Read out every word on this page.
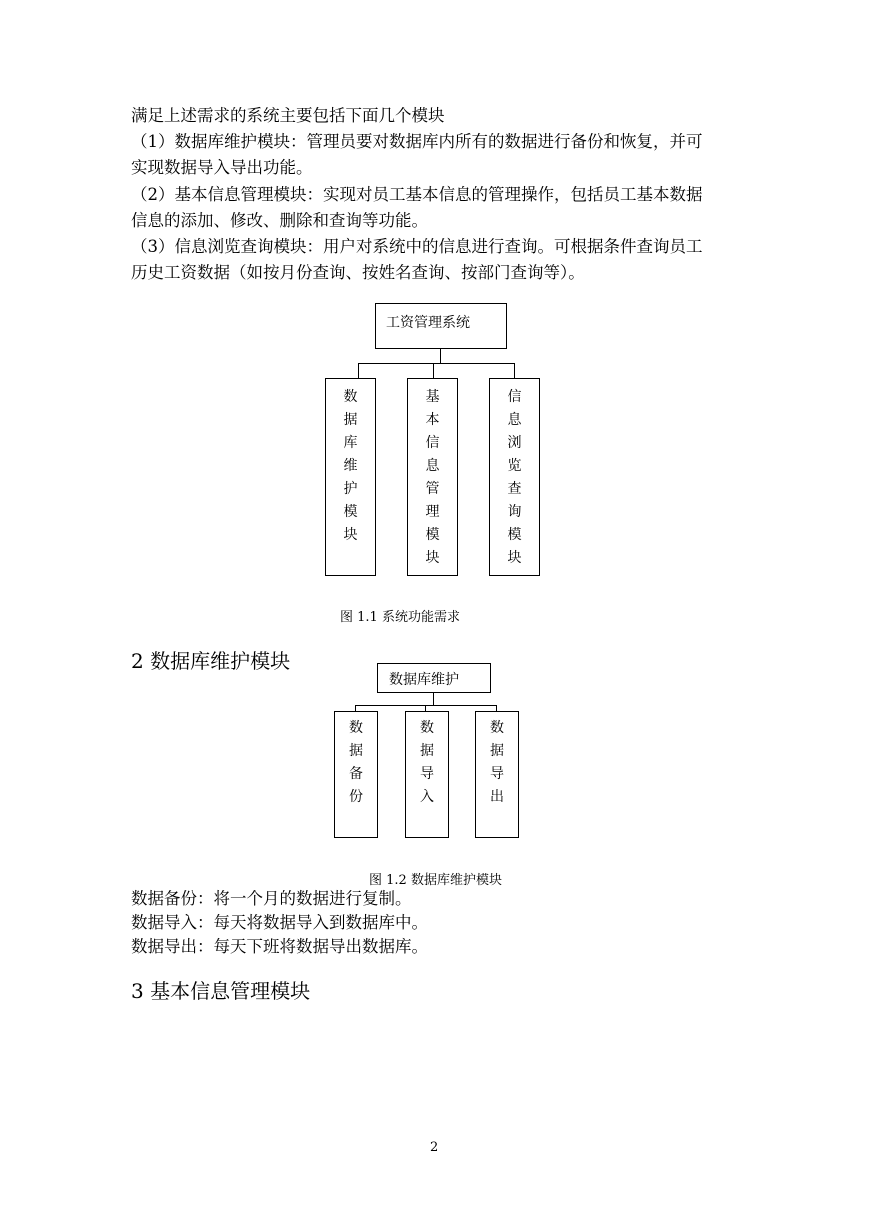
满足上述需求的系统主要包括下面几个模块
（1）数据库维护模块：管理员要对数据库内所有的数据进行备份和恢复，并可
实现数据导入导出功能。
（2）基本信息管理模块：实现对员工基本信息的管理操作，包括员工基本数据
信息的添加、修改、删除和查询等功能。
（3）信息浏览查询模块：用户对系统中的信息进行查询。可根据条件查询员工
历史工资数据（如按月份查询、按姓名查询、按部门查询等）。
工资管理系统
数
据
库
维
护
模
块
基
本
信
息
管
理
模
块
信
息
浏
览
查
询
模
块
图 1.1 系统功能需求
2 数据库维护模块
数据库维护
数
据
备
份
数
据
导
入
数
据
导
出
图 1.2 数据库维护模块
数据备份：将一个月的数据进行复制。
数据导入：每天将数据导入到数据库中。
数据导出：每天下班将数据导出数据库。
3 基本信息管理模块
2
